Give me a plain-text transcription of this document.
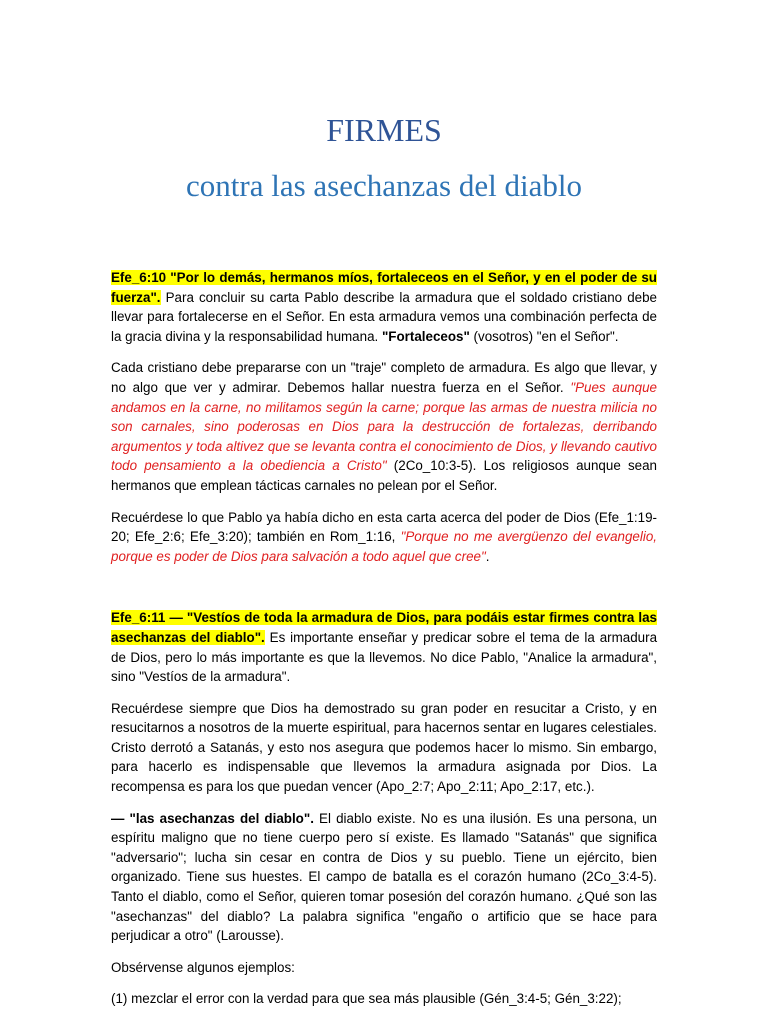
FIRMES
contra las asechanzas del diablo

Efe_6:10 "Por lo demás, hermanos míos, fortaleceos en el Señor, y en el poder de su fuerza". Para concluir su carta Pablo describe la armadura que el soldado cristiano debe llevar para fortalecerse en el Señor. En esta armadura vemos una combinación perfecta de la gracia divina y la responsabilidad humana. "Fortaleceos" (vosotros) "en el Señor".

Cada cristiano debe prepararse con un "traje" completo de armadura. Es algo que llevar, y no algo que ver y admirar. Debemos hallar nuestra fuerza en el Señor. "Pues aunque andamos en la carne, no militamos según la carne; porque las armas de nuestra milicia no son carnales, sino poderosas en Dios para la destrucción de fortalezas, derribando argumentos y toda altivez que se levanta contra el conocimiento de Dios, y llevando cautivo todo pensamiento a la obediencia a Cristo" (2Co_10:3-5). Los religiosos aunque sean hermanos que emplean tácticas carnales no pelean por el Señor.

Recuérdese lo que Pablo ya había dicho en esta carta acerca del poder de Dios (Efe_1:19-20; Efe_2:6; Efe_3:20); también en Rom_1:16, "Porque no me avergüenzo del evangelio, porque es poder de Dios para salvación a todo aquel que cree".

Efe_6:11 — "Vestíos de toda la armadura de Dios, para podáis estar firmes contra las asechanzas del diablo". Es importante enseñar y predicar sobre el tema de la armadura de Dios, pero lo más importante es que la llevemos. No dice Pablo, "Analice la armadura", sino "Vestíos de la armadura".

Recuérdese siempre que Dios ha demostrado su gran poder en resucitar a Cristo, y en resucitarnos a nosotros de la muerte espiritual, para hacernos sentar en lugares celestiales. Cristo derrotó a Satanás, y esto nos asegura que podemos hacer lo mismo. Sin embargo, para hacerlo es indispensable que llevemos la armadura asignada por Dios. La recompensa es para los que puedan vencer (Apo_2:7; Apo_2:11; Apo_2:17, etc.).

— "las asechanzas del diablo". El diablo existe. No es una ilusión. Es una persona, un espíritu maligno que no tiene cuerpo pero sí existe. Es llamado "Satanás" que significa "adversario"; lucha sin cesar en contra de Dios y su pueblo. Tiene un ejército, bien organizado. Tiene sus huestes. El campo de batalla es el corazón humano (2Co_3:4-5). Tanto el diablo, como el Señor, quieren tomar posesión del corazón humano. ¿Qué son las "asechanzas" del diablo? La palabra significa "engaño o artificio que se hace para perjudicar a otro" (Larousse).

Obsérvense algunos ejemplos:

(1) mezclar el error con la verdad para que sea más plausible (Gén_3:4-5; Gén_3:22);
